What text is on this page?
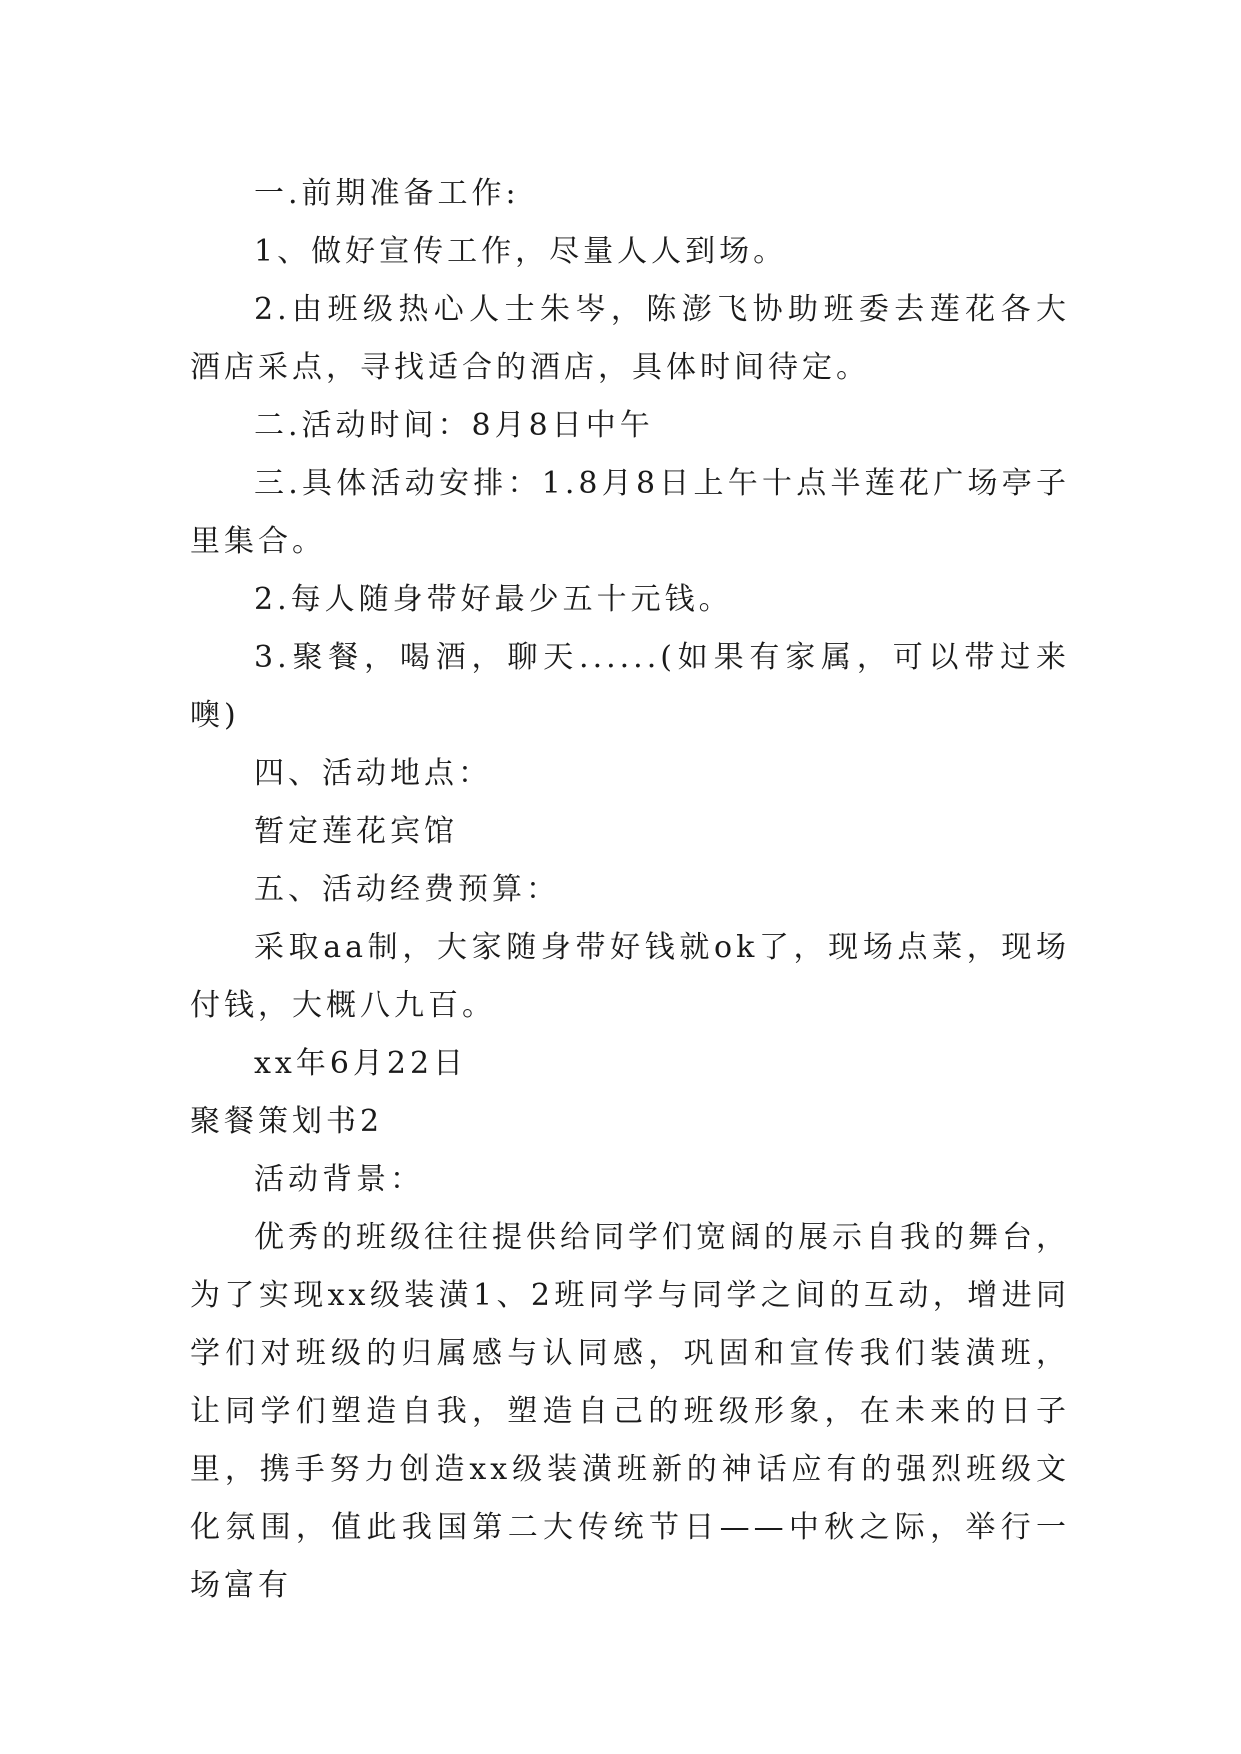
一.前期准备工作:

1、做好宣传工作，尽量人人到场。

2.由班级热心人士朱岑，陈澎飞协助班委去莲花各大酒店采点，寻找适合的酒店，具体时间待定。

二.活动时间：8月8日中午

三.具体活动安排：1.8月8日上午十点半莲花广场亭子里集合。

2.每人随身带好最少五十元钱。

3.聚餐，喝酒，聊天......(如果有家属，可以带过来噢)

四、活动地点：

暂定莲花宾馆

五、活动经费预算：

采取aa制，大家随身带好钱就ok了，现场点菜，现场付钱，大概八九百。

xx年6月22日

聚餐策划书2

活动背景：

优秀的班级往往提供给同学们宽阔的展示自我的舞台，为了实现xx级装潢1、2班同学与同学之间的互动，增进同学们对班级的归属感与认同感，巩固和宣传我们装潢班，让同学们塑造自我，塑造自己的班级形象，在未来的日子里，携手努力创造xx级装潢班新的神话应有的强烈班级文化氛围，值此我国第二大传统节日——中秋之际，举行一场富有
